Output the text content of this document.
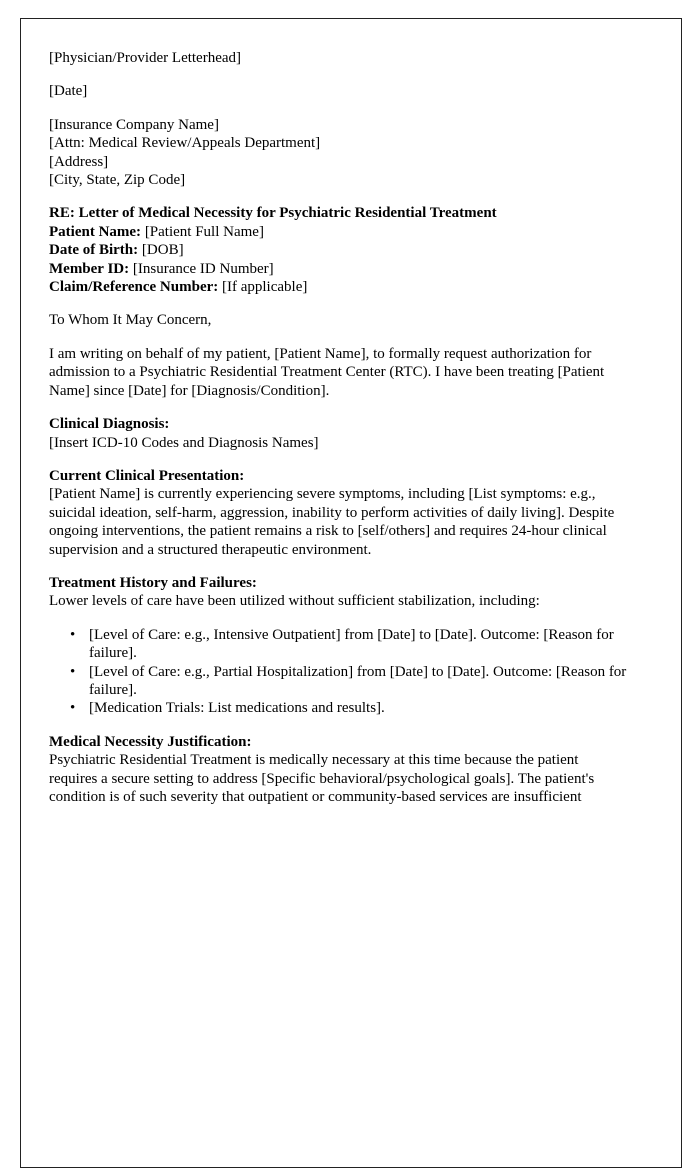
[Physician/Provider Letterhead]

[Date]

[Insurance Company Name]
[Attn: Medical Review/Appeals Department]
[Address]
[City, State, Zip Code]
RE: Letter of Medical Necessity for Psychiatric Residential Treatment
Patient Name: [Patient Full Name]
Date of Birth: [DOB]
Member ID: [Insurance ID Number]
Claim/Reference Number: [If applicable]

To Whom It May Concern,

I am writing on behalf of my patient, [Patient Name], to formally request authorization for admission to a Psychiatric Residential Treatment Center (RTC). I have been treating [Patient Name] since [Date] for [Diagnosis/Condition].

Clinical Diagnosis:

[Insert ICD-10 Codes and Diagnosis Names]

Current Clinical Presentation:

[Patient Name] is currently experiencing severe symptoms, including [List symptoms: e.g., suicidal ideation, self-harm, aggression, inability to perform activities of daily living]. Despite ongoing interventions, the patient remains a risk to [self/others] and requires 24-hour clinical supervision and a structured therapeutic environment.

Treatment History and Failures:

Lower levels of care have been utilized without sufficient stabilization, including:

• [Level of Care: e.g., Intensive Outpatient] from [Date] to [Date]. Outcome: [Reason for failure].
• [Level of Care: e.g., Partial Hospitalization] from [Date] to [Date]. Outcome: [Reason for failure].
• [Medication Trials: List medications and results].
Medical Necessity Justification:

Psychiatric Residential Treatment is medically necessary at this time because the patient requires a secure setting to address [Specific behavioral/psychological goals]. The patient's condition is of such severity that outpatient or community-based services are insufficient
